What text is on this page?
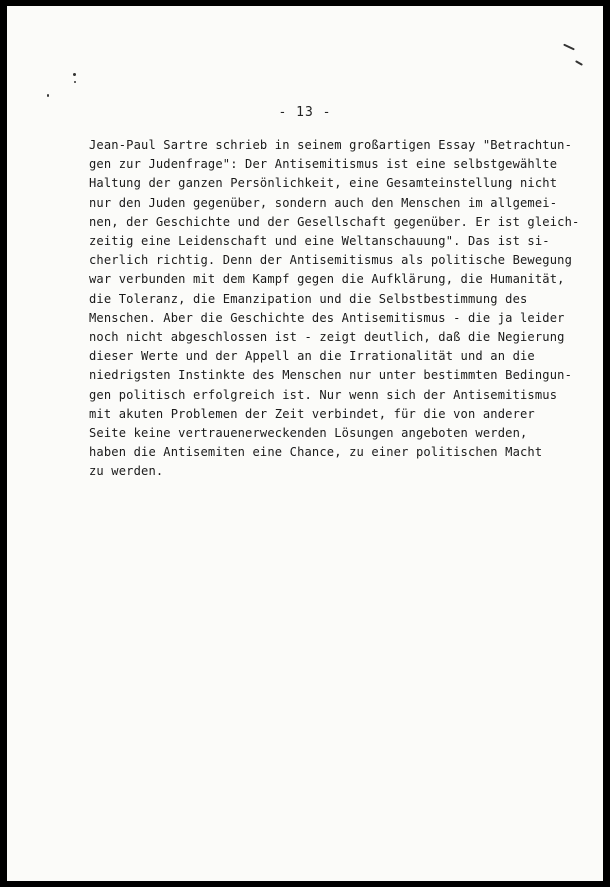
- 13 -
Jean-Paul Sartre schrieb in seinem großartigen Essay "Betrachtun-
gen zur Judenfrage": Der Antisemitismus ist eine selbstgewählte
Haltung der ganzen Persönlichkeit, eine Gesamteinstellung nicht
nur den Juden gegenüber, sondern auch den Menschen im allgemei-
nen, der Geschichte und der Gesellschaft gegenüber. Er ist gleich-
zeitig eine Leidenschaft und eine Weltanschauung". Das ist si-
cherlich richtig. Denn der Antisemitismus als politische Bewegung
war verbunden mit dem Kampf gegen die Aufklärung, die Humanität,
die Toleranz, die Emanzipation und die Selbstbestimmung des
Menschen. Aber die Geschichte des Antisemitismus - die ja leider
noch nicht abgeschlossen ist - zeigt deutlich, daß die Negierung
dieser Werte und der Appell an die Irrationalität und an die
niedrigsten Instinkte des Menschen nur unter bestimmten Bedingun-
gen politisch erfolgreich ist. Nur wenn sich der Antisemitismus
mit akuten Problemen der Zeit verbindet, für die von anderer
Seite keine vertrauenerweckenden Lösungen angeboten werden,
haben die Antisemiten eine Chance, zu einer politischen Macht
zu werden.
